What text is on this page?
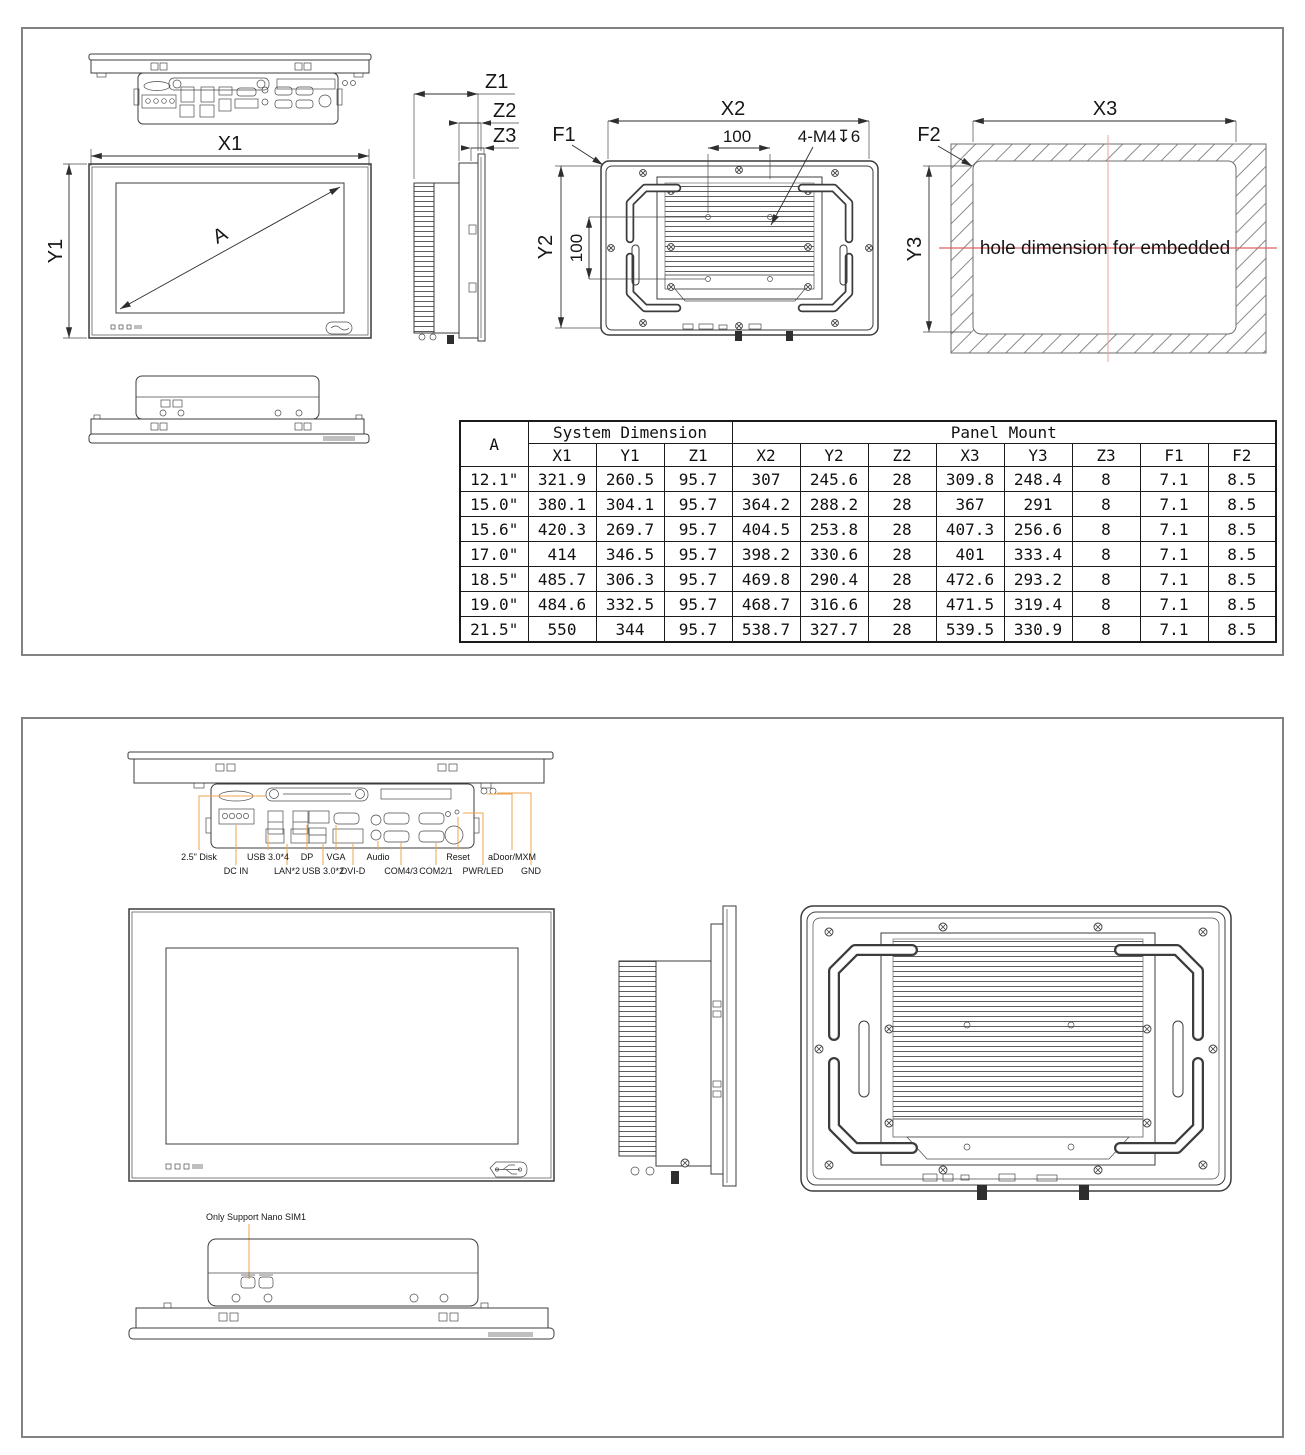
X1
Y1
A
Z1
Z2
Z3
X2
100	4-M4↧6
F1
Y2 100
X3
F2
Y3	hole dimension for embedded
A	System Dimension			Panel Mount							
	X1	Y1	Z1	X2	Y2	Z2	X3	Y3	Z3	F1	F2
12.1"	321.9	260.5	95.7	307	245.6	28	309.8	248.4	8	7.1	8.5
15.0"	380.1	304.1	95.7	364.2	288.2	28	367	291	8	7.1	8.5
15.6"	420.3	269.7	95.7	404.5	253.8	28	407.3	256.6	8	7.1	8.5
17.0"	414	346.5	95.7	398.2	330.6	28	401	333.4	8	7.1	8.5
18.5"	485.7	306.3	95.7	469.8	290.4	28	472.6	293.2	8	7.1	8.5
19.0"	484.6	332.5	95.7	468.7	316.6	28	471.5	319.4	8	7.1	8.5
21.5"	550	344	95.7	538.7	327.7	28	539.5	330.9	8	7.1	8.5
2.5" Disk	USB 3.0*4 DP VGA Audio	Reset aDoor/MXM
DC IN	LAN*2 USB 3.0*2
DVI-D COM4/3 COM2/1 PWR/LED GND
Only Support Nano SIM1
